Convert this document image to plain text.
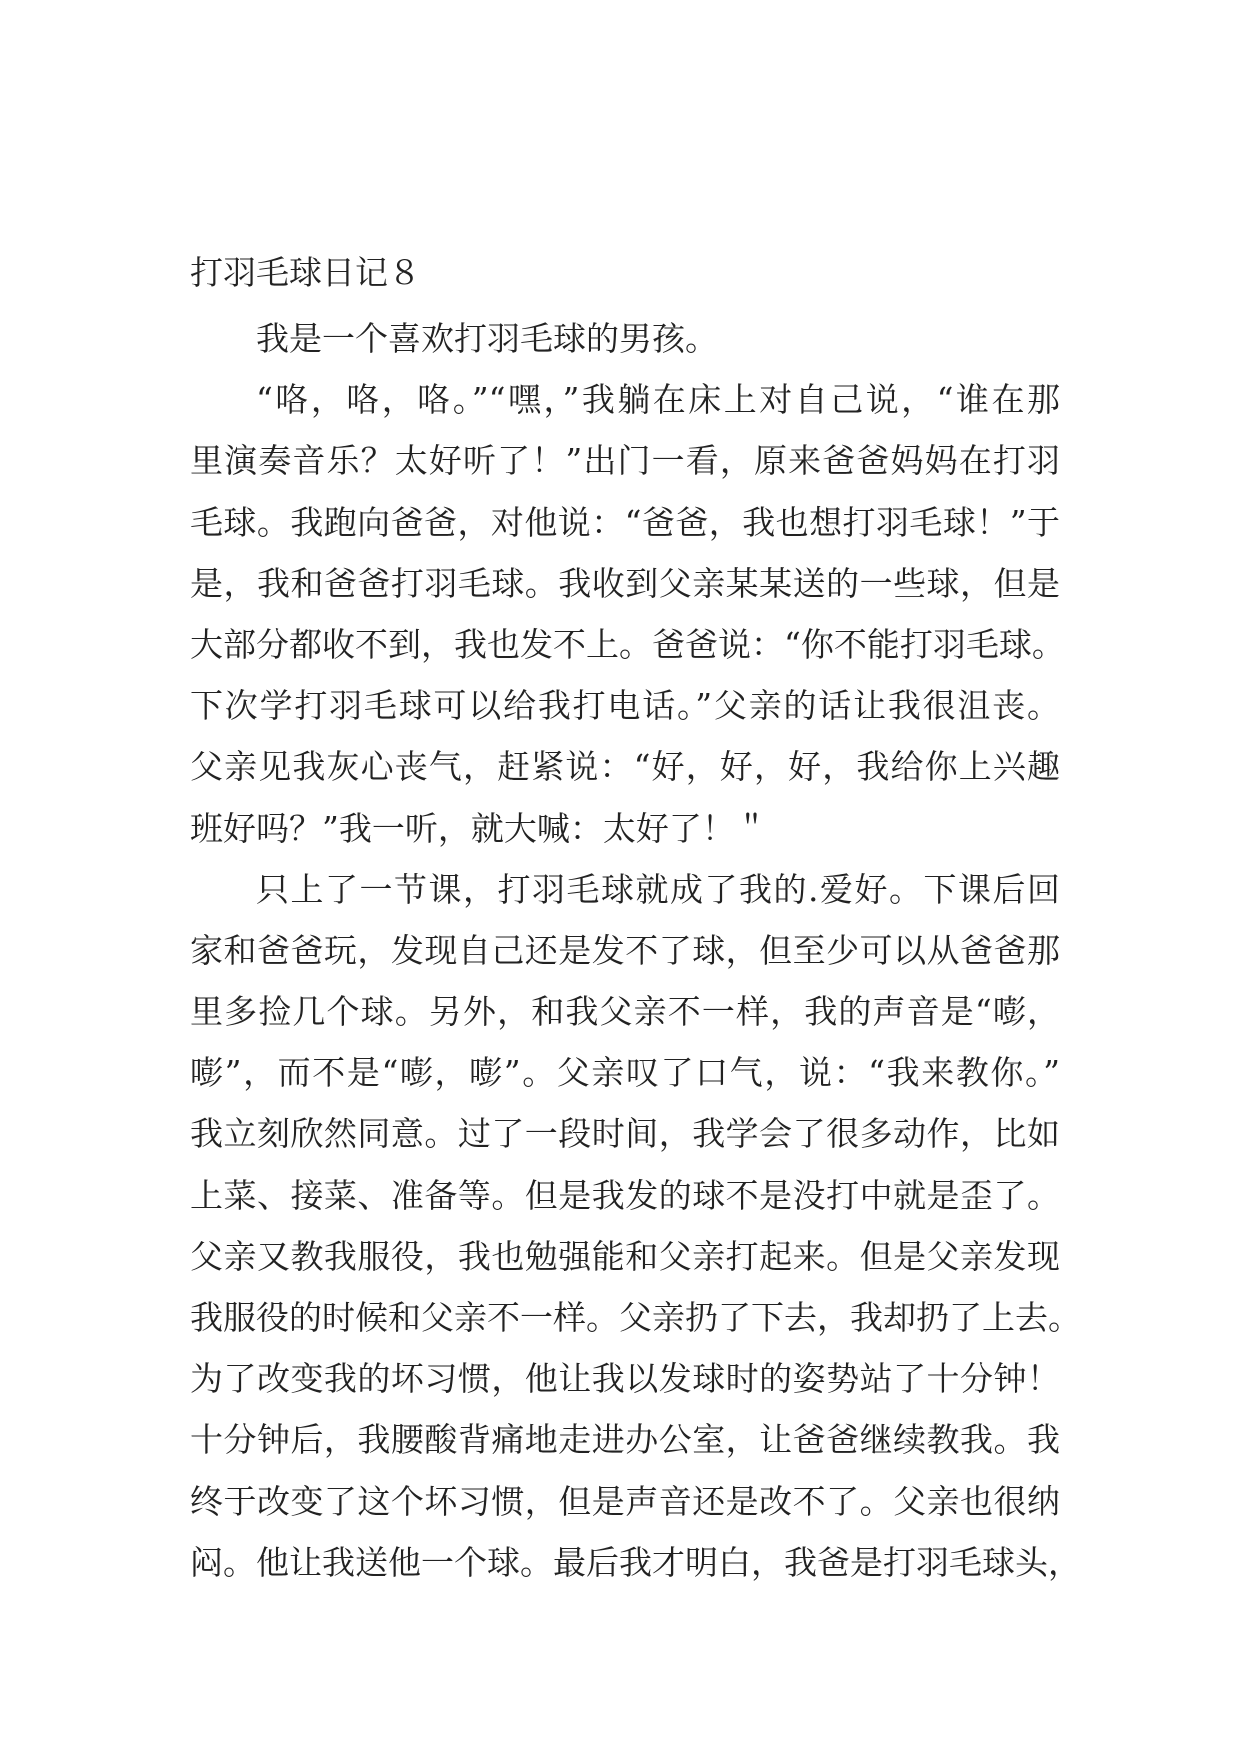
打羽毛球日记８
我是一个喜欢打羽毛球的男孩。
“咯，咯，咯。”“嘿，”我躺在床上对自己说，“谁在那
里演奏音乐？太好听了！”出门一看，原来爸爸妈妈在打羽
毛球。我跑向爸爸，对他说：“爸爸，我也想打羽毛球！”于
是，我和爸爸打羽毛球。我收到父亲某某送的一些球，但是
大部分都收不到，我也发不上。爸爸说：“你不能打羽毛球。
下次学打羽毛球可以给我打电话。”父亲的话让我很沮丧。
父亲见我灰心丧气，赶紧说：“好，好，好，我给你上兴趣
班好吗？”我一听，就大喊：太好了！＂
只上了一节课，打羽毛球就成了我的.爱好。下课后回
家和爸爸玩，发现自己还是发不了球，但至少可以从爸爸那
里多捡几个球。另外，和我父亲不一样，我的声音是“嘭，
嘭”，而不是“嘭，嘭”。父亲叹了口气，说：“我来教你。”
我立刻欣然同意。过了一段时间，我学会了很多动作，比如
上菜、接菜、准备等。但是我发的球不是没打中就是歪了。
父亲又教我服役，我也勉强能和父亲打起来。但是父亲发现
我服役的时候和父亲不一样。父亲扔了下去，我却扔了上去。
为了改变我的坏习惯，他让我以发球时的姿势站了十分钟！
十分钟后，我腰酸背痛地走进办公室，让爸爸继续教我。我
终于改变了这个坏习惯，但是声音还是改不了。父亲也很纳
闷。他让我送他一个球。最后我才明白，我爸是打羽毛球头，
